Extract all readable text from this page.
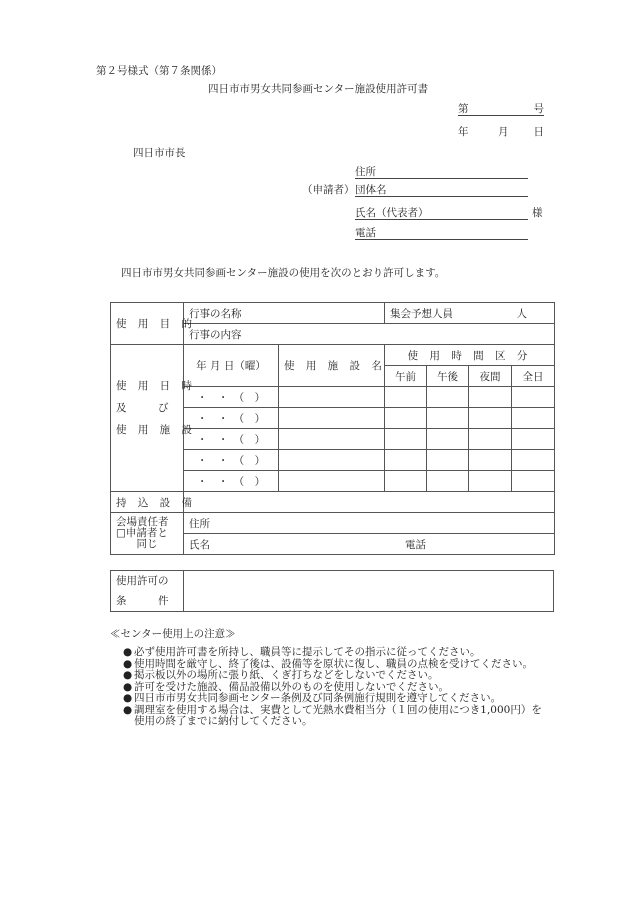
第２号様式（第７条関係）
四日市市男女共同参画センター施設使用許可書
第	号
年	月 日
四日市市長
住所
（申請者） 団体名
氏名（代表者）	様
電話
四日市市男女共同参画センター施設の使用を次のとおり許可します。
使 用 目 的	行事の名称		集会予想人員 人			

	行事の内容					

使 用 日 時
及　　　び
使 用 施 設	年 月 日（曜）	使 用 施 設 名	使 用 時 間 区 分			
			午前	午後	夜間	全日
	・　・　（　）					
	・　・　（　）					
	・　・　（　）					
	・　・　（　）					
	・　・　（　）					
持 込 設 備						

会場責任者
□申請者と
同じ	住所					
	氏名 電話					
使用許可の
条　　　件

≪センター使用上の注意≫
● 必ず使用許可書を所持し、職員等に提示してその指示に従ってください。
● 使用時間を厳守し、終了後は、設備等を原状に復し、職員の点検を受けてください。
● 掲示板以外の場所に張り紙、くぎ打ちなどをしないでください。
● 許可を受けた施設、備品設備以外のものを使用しないでください。
● 四日市市男女共同参画センター条例及び同条例施行規則を遵守してください。
● 調理室を使用する場合は、実費として光熱水費相当分（１回の使用につき1,000円）を使用の終了までに納付してください。
